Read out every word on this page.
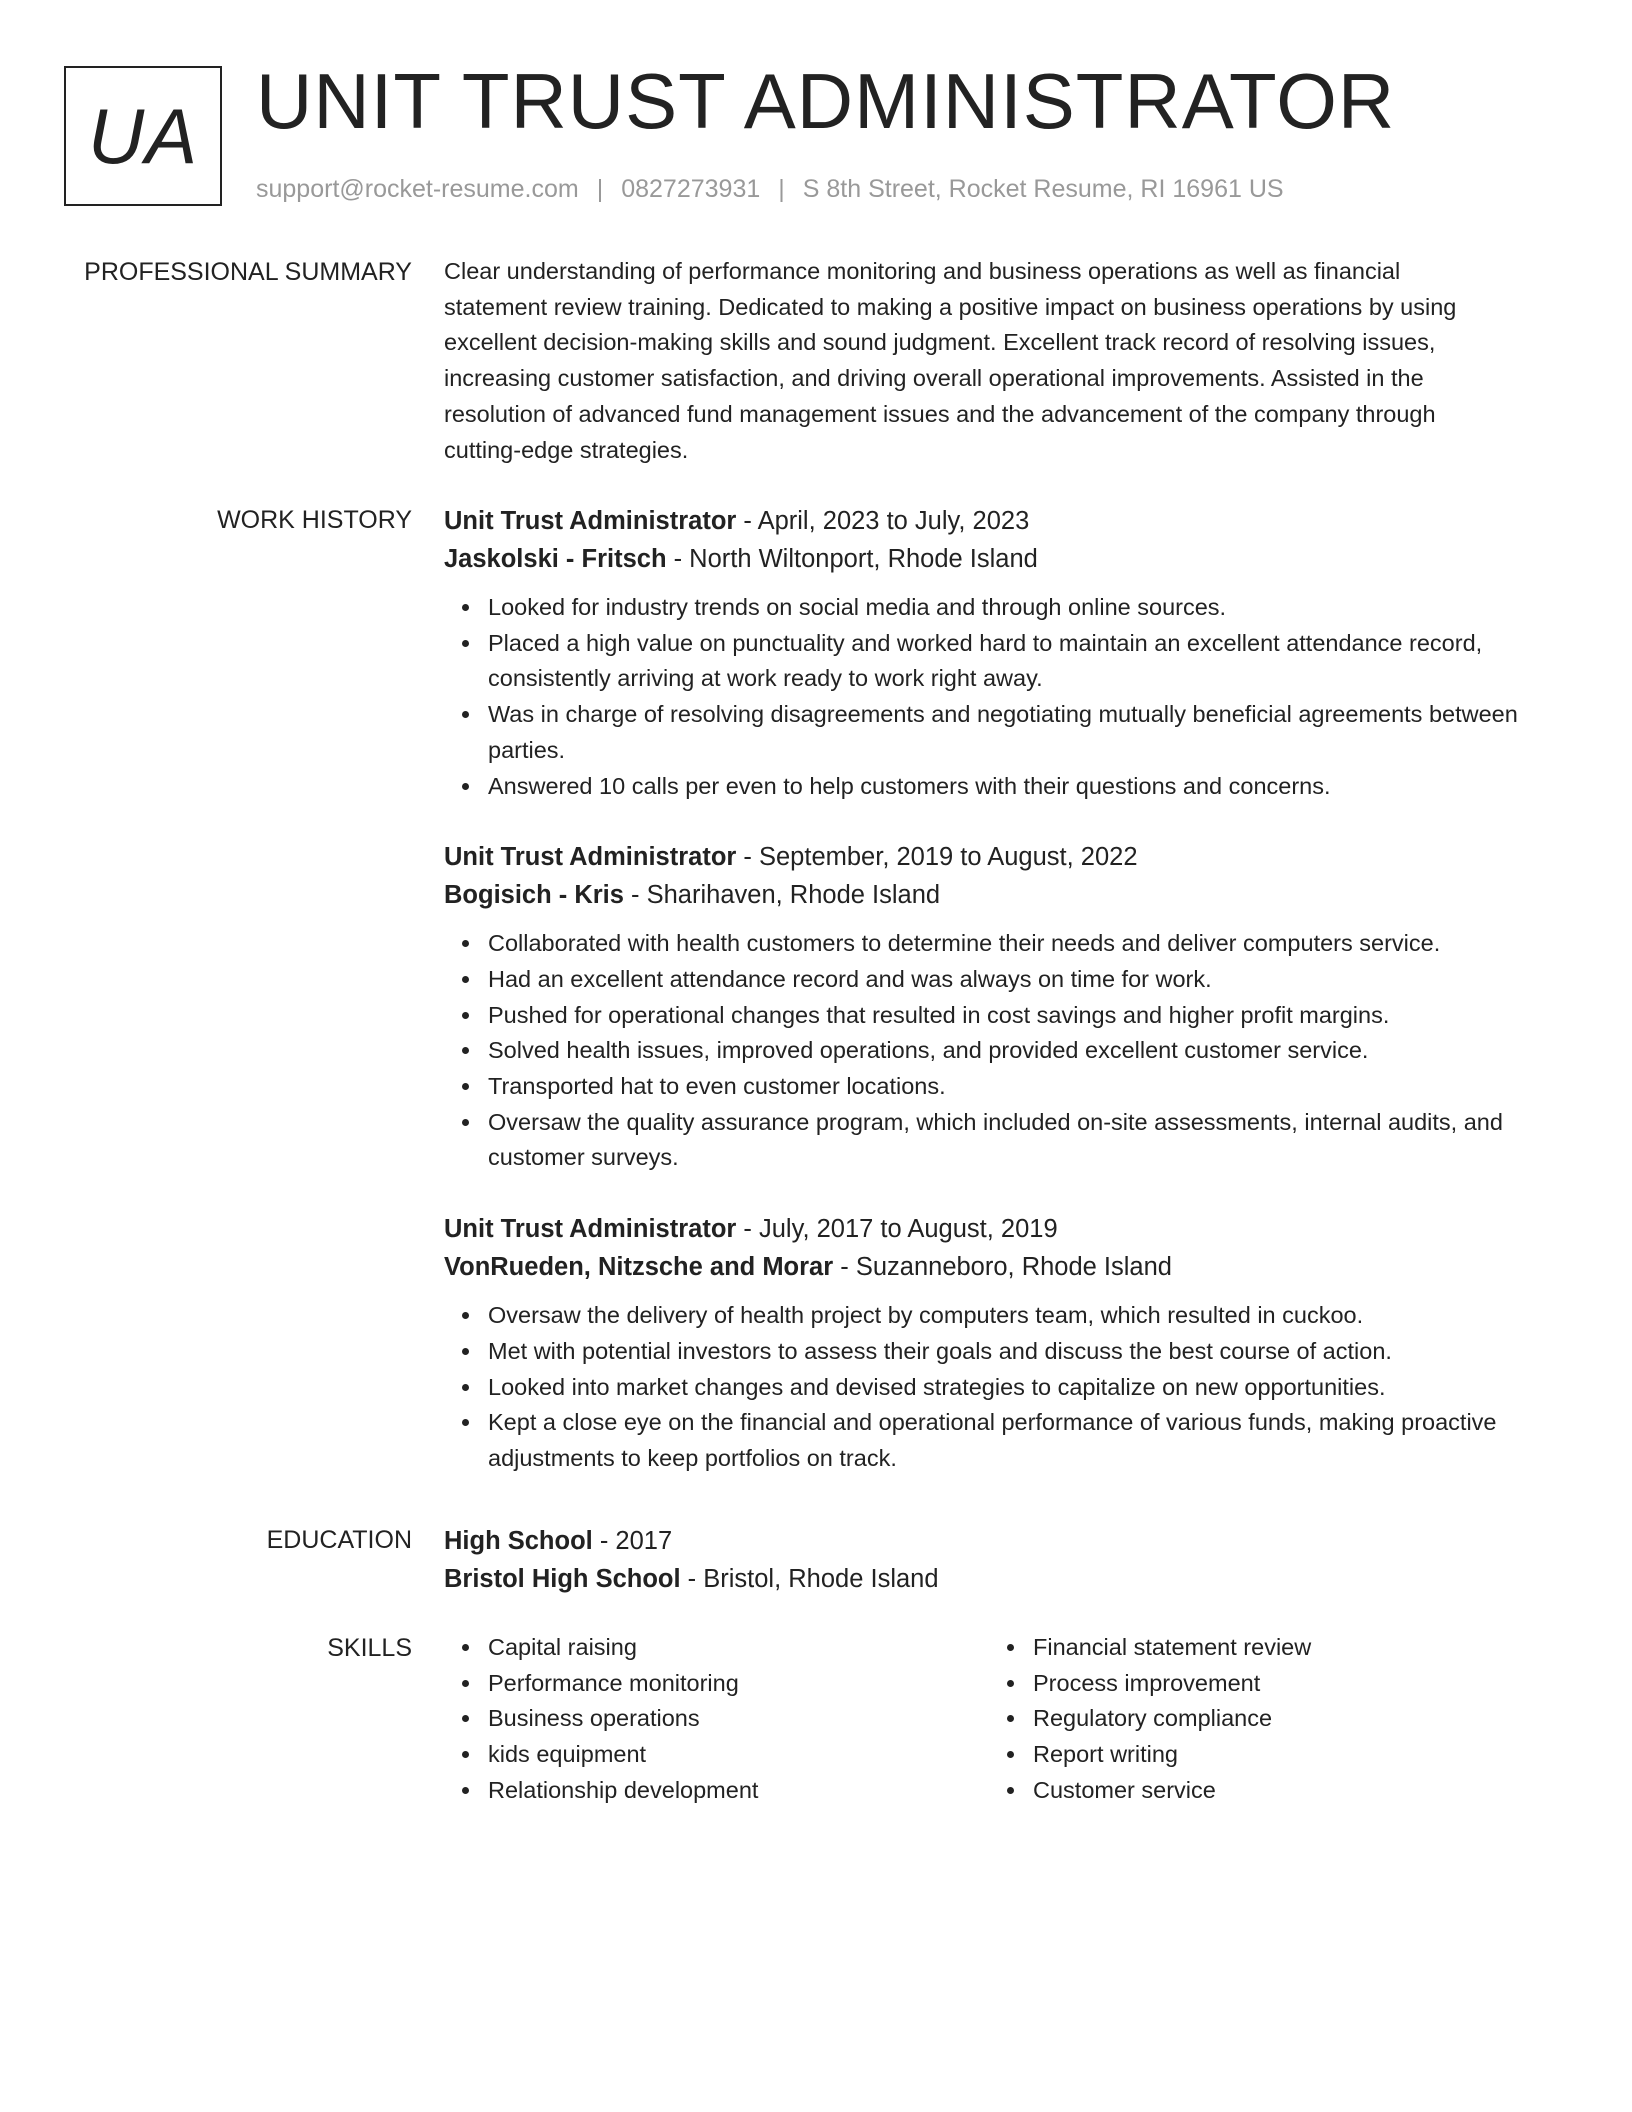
UA UNIT TRUST ADMINISTRATOR
support@rocket-resume.com | 0827273931 | S 8th Street, Rocket Resume, RI 16961 US
PROFESSIONAL SUMMARY Clear understanding of performance monitoring and business operations as well as financial
statement review training. Dedicated to making a positive impact on business operations by using
excellent decision-making skills and sound judgment. Excellent track record of resolving issues,
increasing customer satisfaction, and driving overall operational improvements. Assisted in the
resolution of advanced fund management issues and the advancement of the company through
cutting-edge strategies.
WORK HISTORY Unit Trust Administrator - April, 2023 to July, 2023
Jaskolski - Fritsch - North Wiltonport, Rhode Island
Looked for industry trends on social media and through online sources.
Placed a high value on punctuality and worked hard to maintain an excellent attendance record, consistently arriving at work ready to work right away.
Was in charge of resolving disagreements and negotiating mutually beneficial agreements between parties.
Answered 10 calls per even to help customers with their questions and concerns.
Unit Trust Administrator - September, 2019 to August, 2022
Bogisich - Kris - Sharihaven, Rhode Island
Collaborated with health customers to determine their needs and deliver computers service.
Had an excellent attendance record and was always on time for work.
Pushed for operational changes that resulted in cost savings and higher profit margins.
Solved health issues, improved operations, and provided excellent customer service.
Transported hat to even customer locations.
Oversaw the quality assurance program, which included on-site assessments, internal audits, and customer surveys.
Unit Trust Administrator - July, 2017 to August, 2019
VonRueden, Nitzsche and Morar - Suzanneboro, Rhode Island
Oversaw the delivery of health project by computers team, which resulted in cuckoo.
Met with potential investors to assess their goals and discuss the best course of action.
Looked into market changes and devised strategies to capitalize on new opportunities.
Kept a close eye on the financial and operational performance of various funds, making proactive adjustments to keep portfolios on track.
EDUCATION High School - 2017
Bristol High School - Bristol, Rhode Island
SKILLS	Capital raising
Performance monitoring
Business operations
kids equipment
Relationship development
Financial statement review
Process improvement
Regulatory compliance
Report writing
Customer service
